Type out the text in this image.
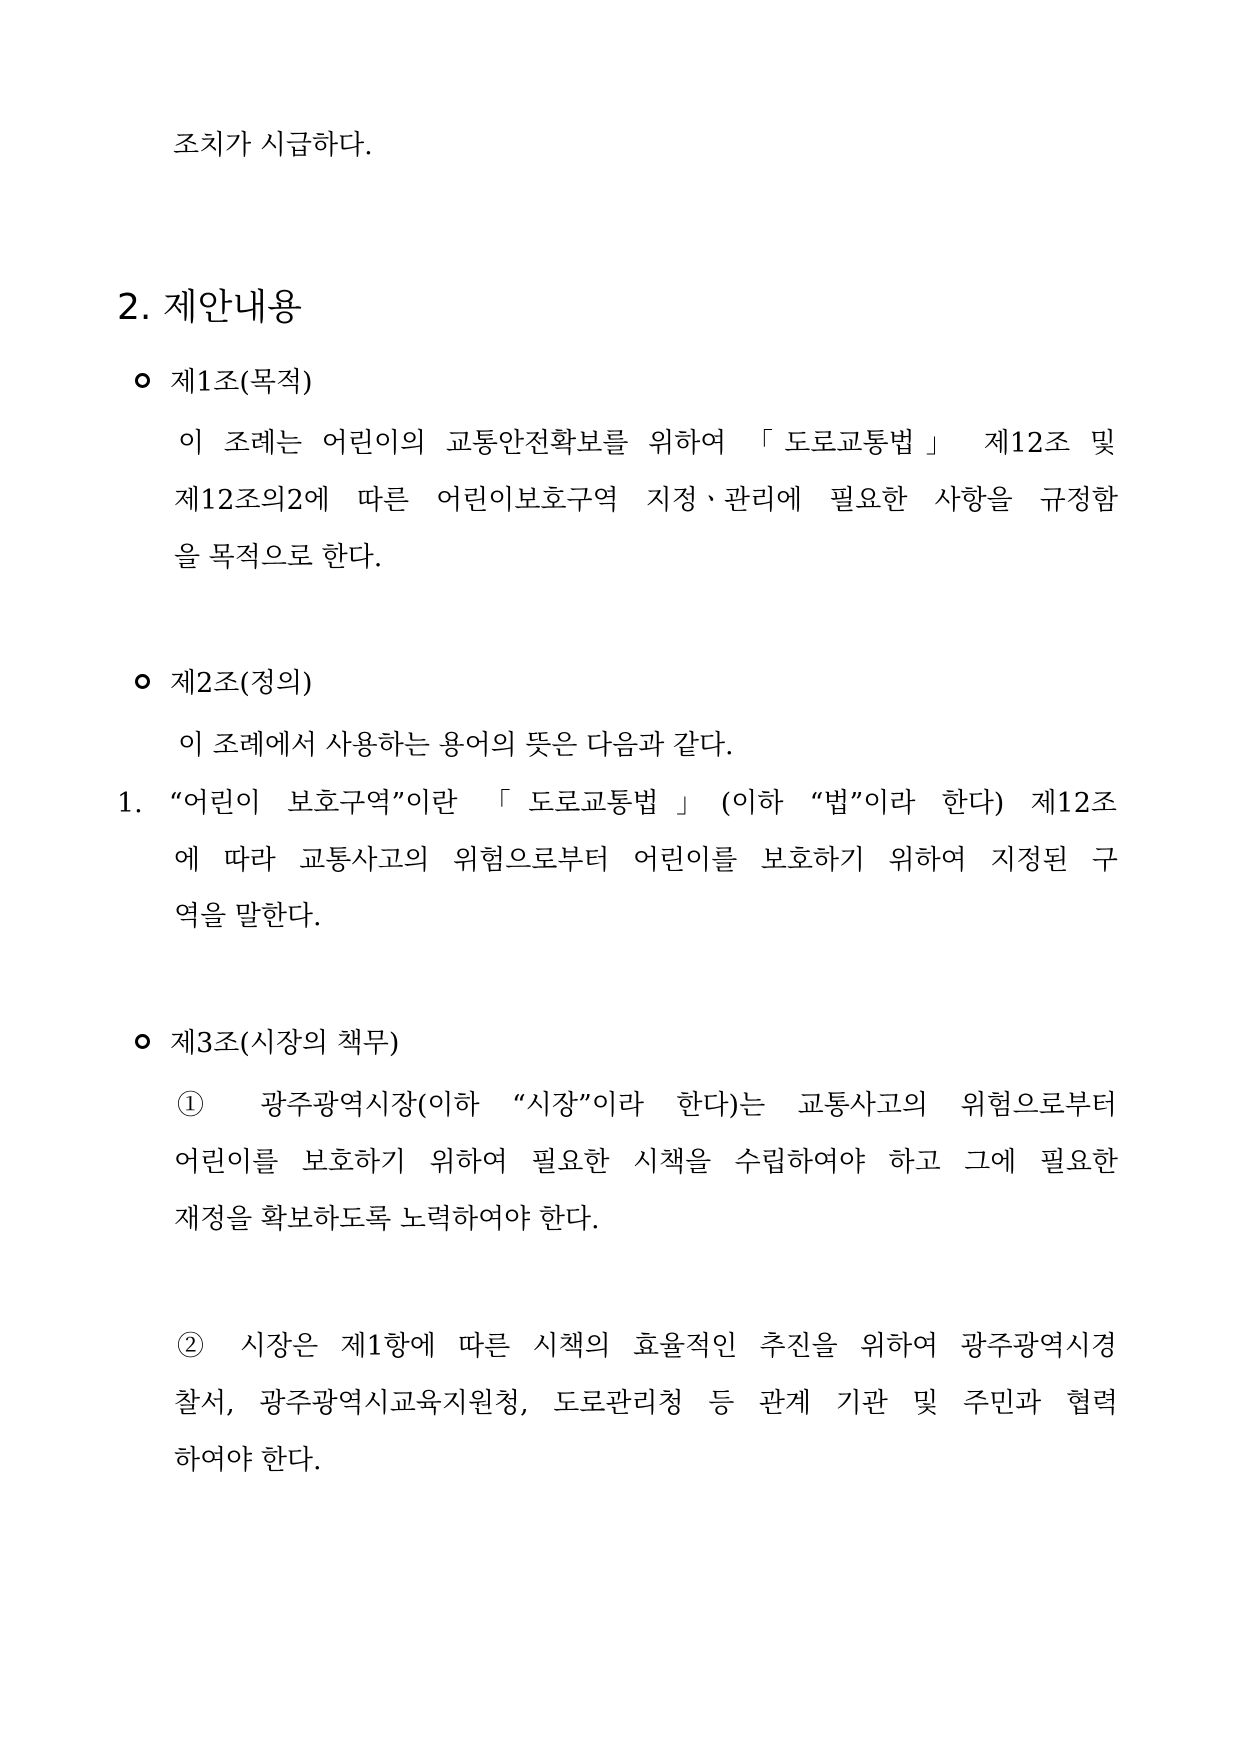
조치가 시급하다.
2. 제안내용
제1조(목적)
이 조례는 어린이의 교통안전확보를 위하여 「도로교통법」 제12조 및
제12조의2에 따른 어린이보호구역 지정ㆍ관리에 필요한 사항을 규정함
을 목적으로 한다.
제2조(정의)
이 조례에서 사용하는 용어의 뜻은 다음과 같다.
1. “어린이 보호구역”이란 「도로교통법」(이하 “법”이라 한다) 제12조
에 따라 교통사고의 위험으로부터 어린이를 보호하기 위하여 지정된 구
역을 말한다.
제3조(시장의 책무)
① 광주광역시장(이하 “시장”이라 한다)는 교통사고의 위험으로부터
어린이를 보호하기 위하여 필요한 시책을 수립하여야 하고 그에 필요한
재정을 확보하도록 노력하여야 한다.
② 시장은 제1항에 따른 시책의 효율적인 추진을 위하여 광주광역시경
찰서, 광주광역시교육지원청, 도로관리청 등 관계 기관 및 주민과 협력
하여야 한다.
